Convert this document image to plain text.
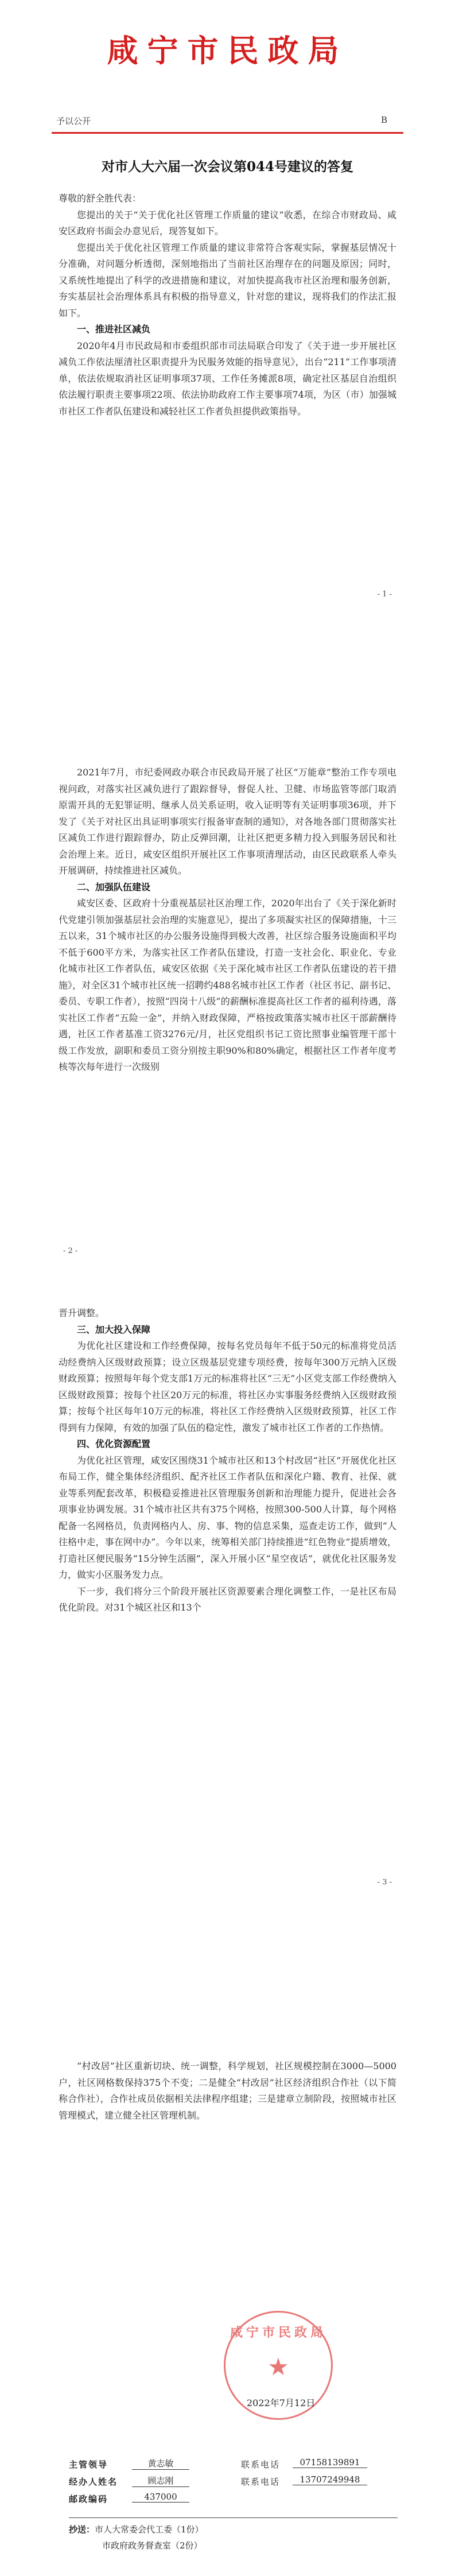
咸宁市民政局
予以公开	B
对市人大六届一次会议第044号建议的答复

尊敬的舒全胜代表：

您提出的关于“关于优化社区管理工作质量的建议”收悉，在综合市财政局、咸安区政府书面会办意见后，现答复如下。

您提出关于优化社区管理工作质量的建议非常符合客观实际，掌握基层情况十分准确，对问题分析透彻，深刻地指出了当前社区治理存在的问题及原因；同时，又系统性地提出了科学的改进措施和建议，对加快提高我市社区治理和服务创新，夯实基层社会治理体系具有积极的指导意义，针对您的建议，现将我们的作法汇报如下。

一、推进社区减负

2020年4月市民政局和市委组织部市司法局联合印发了《关于进一步开展社区减负工作依法厘清社区职责提升为民服务效能的指导意见》，出台“211”工作事项清单，依法依规取消社区证明事项37项、工作任务摊派8项，确定社区基层自治组织依法履行职责主要事项22项、依法协助政府工作主要事项74项，为区（市）加强城市社区工作者队伍建设和减轻社区工作者负担提供政策指导。

- 1 -

2021年7月，市纪委网政办联合市民政局开展了社区“万能章”整治工作专项电视问政，对落实社区减负进行了跟踪督导，督促人社、卫健、市场监管等部门取消原需开具的无犯罪证明、继承人员关系证明，收入证明等有关证明事项36项，并下发了《关于对社区出具证明事项实行报备审查制的通知》，对各地各部门贯彻落实社区减负工作进行跟踪督办，防止反弹回潮，让社区把更多精力投入到服务居民和社会治理上来。近日，咸安区组织开展社区工作事项清理活动，由区民政联系人牵头开展调研，持续推进社区减负。

二、加强队伍建设

咸安区委、区政府十分重视基层社区治理工作，2020年出台了《关于深化新时代党建引领加强基层社会治理的实施意见》，提出了多项凝实社区的保障措施，十三五以来，31个城市社区的办公服务设施得到极大改善，社区综合服务设施面积平均不低于600平方米，为落实社区工作者队伍建设，打造一支社会化、职业化、专业化城市社区工作者队伍，咸安区依据《关于深化城市社区工作者队伍建设的若干措施》，对全区31个城市社区统一招聘约488名城市社区工作者（社区书记、副书记、委员、专职工作者），按照“四岗十八级”的薪酬标准提高社区工作者的福利待遇，落实社区工作者“五险一金”，并纳入财政保障，严格按政策落实城市社区干部薪酬待遇，社区工作者基准工资3276元/月，社区党组织书记工资比照事业编管理干部十级工作发放，副职和委员工资分别按主职90%和80%确定，根据社区工作者年度考核等次每年进行一次级别

- 2 -

晋升调整。

三、加大投入保障

为优化社区建设和工作经费保障，按每名党员每年不低于50元的标准将党员活动经费纳入区级财政预算；设立区级基层党建专项经费，按每年300万元纳入区级财政预算；按照每年每个党支部1万元的标准将社区“三无”小区党支部工作经费纳入区级财政预算；按每个社区20万元的标准，将社区办实事服务经费纳入区级财政预算；按每个社区每年10万元的标准，将社区工作经费纳入区级财政预算，社区工作得到有力保障，有效的加强了队伍的稳定性，激发了城市社区工作者的工作热情。

四、优化资源配置

为优化社区管理，咸安区围绕31个城市社区和13个村改居“社区”开展优化社区布局工作，健全集体经济组织、配齐社区工作者队伍和深化户籍、教育、社保、就业等系列配套改革，积极稳妥推进社区管理服务创新和治理能力提升，促进社会各项事业协调发展。31个城市社区共有375个网格，按照300-500人计算，每个网格配备一名网格员，负责网格内人、房、事、物的信息采集，巡查走访工作，做到“人往格中走，事在网中办”。今年以来，统筹相关部门持续推进“红色物业”提质增效，打造社区便民服务“15分钟生活圈”，深入开展小区“星空夜话”，就优化社区服务发力，做实小区服务发力点。

下一步，我们将分三个阶段开展社区资源要素合理化调整工作，一是社区布局优化阶段。对31个城区社区和13个

- 3 -

“村改居”社区重新切块、统一调整，科学规划，社区规模控制在3000—5000户，社区网格数保持375个不变；二是健全“村改居”社区经济组织合作社（以下简称合作社），合作社成员依据相关法律程序组建；三是建章立制阶段，按照城市社区管理模式，建立健全社区管理机制。

咸宁市民政局
★
2022年7月12日
主管领导	黄志敏	联系电话	07158139891
经办人姓名	顾志刚	联系电话	13707249948
邮政编码	437000
抄送：市人大常委会代工委（1份）
市政府政务督查室（2份）
